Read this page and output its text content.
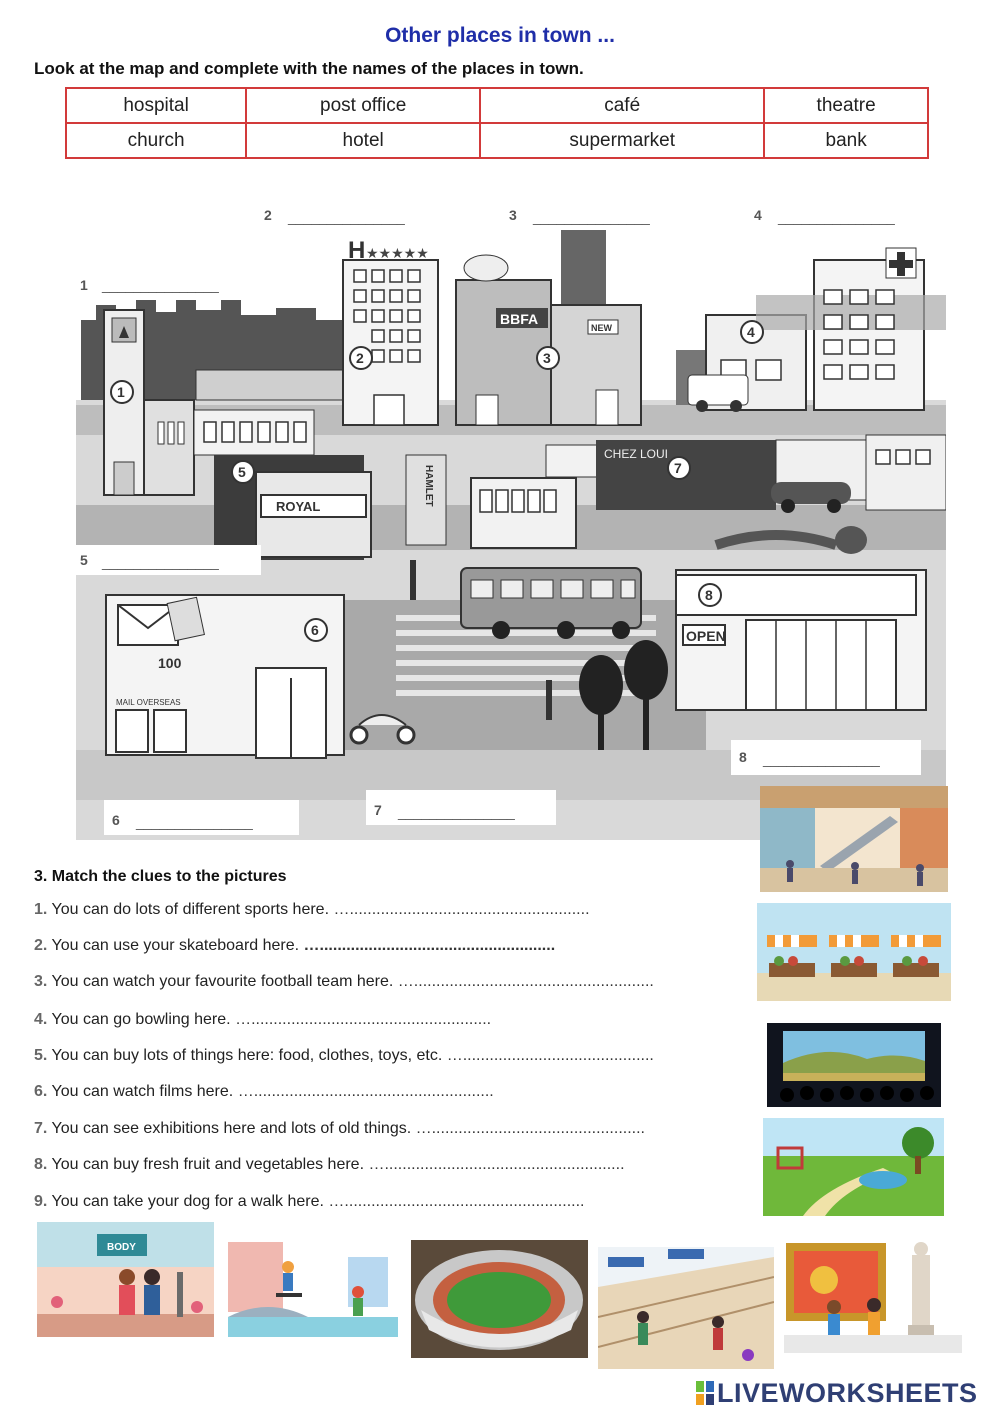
Other places in town ...
Look at the map and complete with the names of the places in town.
hospital	post office	café	theatre
church	hotel	supermarket	bank
H ★★★★★
BBFA
NEW
ROYAL	HAMLET
CHEZ LOUI
100
MAIL OVERSEAS
OPEN
1
2	3
4
5
6
7
8
1 _______________
2 _______________	3 _______________	4 _______________
5 _______________
6 _______________
7 _______________
8 _______________
3. Match the clues to the pictures
1. You can do lots of different sports here. …......................................................
2. You can use your skateboard here. ….....................................................
3. You can watch your favourite football team here. …......................................................
4. You can go bowling here. …......................................................
5. You can buy lots of things here: food, clothes, toys, etc. …...........................................
6. You can watch films here. …......................................................
7. You can see exhibitions here and lots of old things. …................................................
8. You can buy fresh fruit and vegetables here. …......................................................
9. You can take your dog for a walk here. …......................................................
BODY
LIVEWORKSHEETS
